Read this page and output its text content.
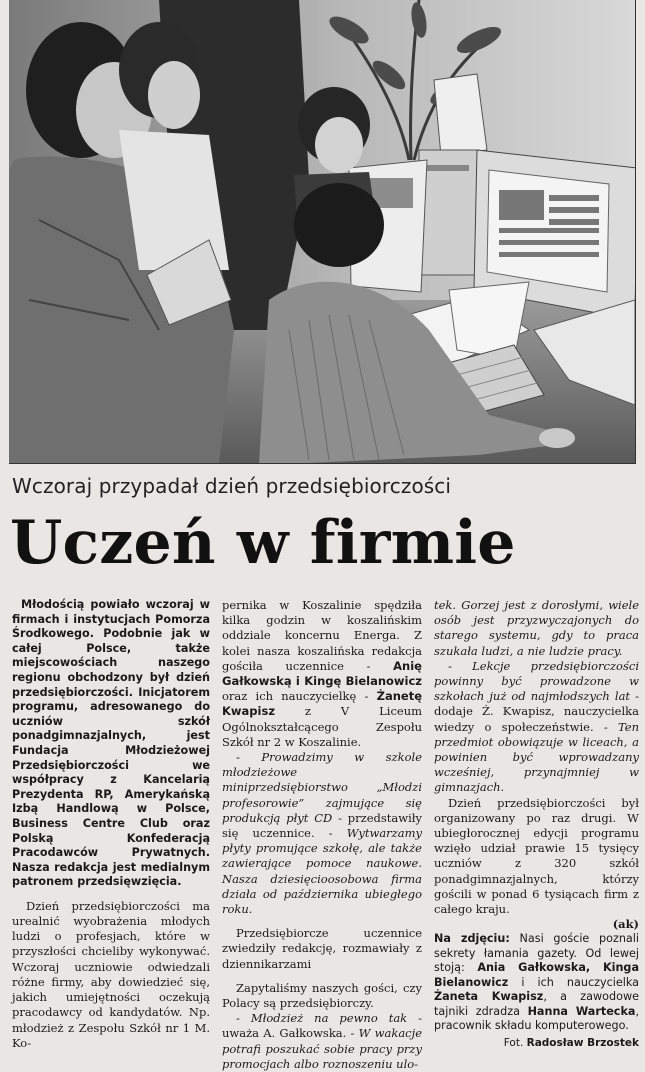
Wczoraj przypadał dzień przedsiębiorczości
Uczeń w firmie

Młodością powiało wczoraj w firmach i instytucjach Pomorza Środkowego. Podobnie jak w całej Polsce, także miejscowościach naszego regionu obchodzony był dzień przedsiębiorczości. Inicjatorem programu, adresowanego do uczniów szkół ponadgimnazjalnych, jest Fundacja Młodzieżowej Przedsiębiorczości we współpracy z Kancelarią Prezydenta RP, Amerykańską Izbą Handlową w Polsce, Business Centre Club oraz Polską Konfederacją Pracodawców Prywatnych. Nasza redakcja jest medialnym patronem przedsięwzięcia.

Dzień przedsiębiorczości ma urealnić wyobrażenia młodych ludzi o profesjach, które w przyszłości chcieliby wykonywać. Wczoraj uczniowie odwiedzali różne firmy, aby dowiedzieć się, jakich umiejętności oczekują pracodawcy od kandydatów. Np. młodzież z Zespołu Szkół nr 1 M. Ko-

pernika w Koszalinie spędziła kilka godzin w koszalińskim oddziale koncernu Energa. Z kolei nasza koszalińska redakcja gościła uczennice - Anię Gałkowską i Kingę Bielanowicz oraz ich nauczycielkę - Żanetę Kwapisz z V Liceum Ogólnokształcącego Zespołu Szkół nr 2 w Koszalinie.

- Prowadzimy w szkole młodzieżowe miniprzedsiębiorstwo „Młodzi profesorowie” zajmujące się produkcją płyt CD - przedstawiły się uczennice. - Wytwarzamy płyty promujące szkołę, ale także zawierające pomoce naukowe. Nasza dziesięcioosobowa firma działa od października ubiegłego roku.

Przedsiębiorcze uczennice zwiedziły redakcję, rozmawiały z dziennikarzami

Zapytaliśmy naszych gości, czy Polacy są przedsiębiorczy.

- Młodzież na pewno tak - uważa A. Gałkowska. - W wakacje potrafi poszukać sobie pracy przy promocjach albo roznoszeniu ulo-

tek. Gorzej jest z dorosłymi, wiele osób jest przyzwyczajonych do starego systemu, gdy to praca szukała ludzi, a nie ludzie pracy.

- Lekcje przedsiębiorczości powinny być prowadzone w szkołach już od najmłodszych lat - dodaje Ż. Kwapisz, nauczycielka wiedzy o społeczeństwie. - Ten przedmiot obowiązuje w liceach, a powinien być wprowadzany wcześniej, przynajmniej w gimnazjach.

Dzień przedsiębiorczości był organizowany po raz drugi. W ubiegłorocznej edycji programu wzięło udział prawie 15 tysięcy uczniów z 320 szkół ponadgimnazjalnych, którzy gościli w ponad 6 tysiącach firm z całego kraju.

(ak)

Na zdjęciu: Nasi goście poznali sekrety łamania gazety. Od lewej stoją: Ania Gałkowska, Kinga Bielanowicz i ich nauczycielka Żaneta Kwapisz, a zawodowe tajniki zdradza Hanna Wartecka, pracownik składu komputerowego.

Fot. Radosław Brzostek
